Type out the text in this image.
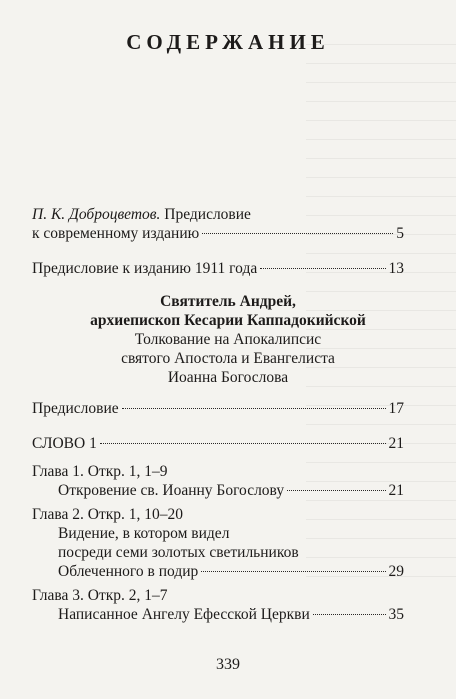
СОДЕРЖАНИЕ
П. К. Доброцветов. Предисловие
к современному изданию	5
Предисловие к изданию 1911 года	13
Святитель Андрей,
архиепископ Кесарии Каппадокийской
Толкование на Апокалипсис
святого Апостола и Евангелиста
Иоанна Богослова
Предисловие	17
СЛОВО 1	21
Глава 1. Откр. 1, 1–9
Откровение св. Иоанну Богослову	21
Глава 2. Откр. 1, 10–20
Видение, в котором видел
посреди семи золотых светильников
Облеченного в подир	29
Глава 3. Откр. 2, 1–7
Написанное Ангелу Ефесской Церкви	35
339
